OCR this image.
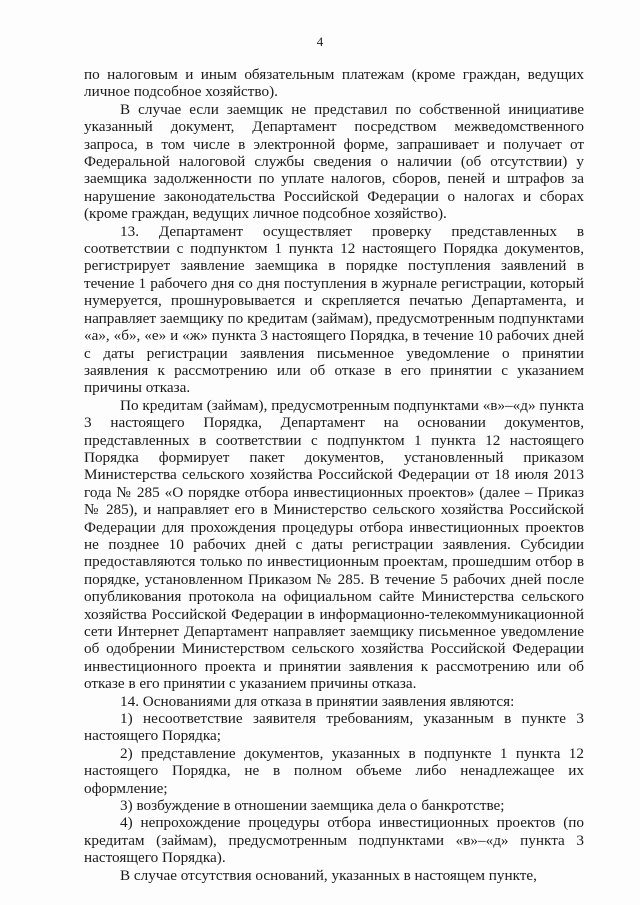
4

по налоговым и иным обязательным платежам (кроме граждан, ведущих личное подсобное хозяйство).

В случае если заемщик не представил по собственной инициативе указанный документ, Департамент посредством межведомственного запроса, в том числе в электронной форме, запрашивает и получает от Федеральной налоговой службы сведения о наличии (об отсутствии) у заемщика задолженности по уплате налогов, сборов, пеней и штрафов за нарушение законодательства Российской Федерации о налогах и сборах (кроме граждан, ведущих личное подсобное хозяйство).

13. Департамент осуществляет проверку представленных в соответствии с подпунктом 1 пункта 12 настоящего Порядка документов, регистрирует заявление заемщика в порядке поступления заявлений в течение 1 рабочего дня со дня поступления в журнале регистрации, который нумеруется, прошнуровывается и скрепляется печатью Департамента, и направляет заемщику по кредитам (займам), предусмотренным подпунктами «а», «б», «е» и «ж» пункта 3 настоящего Порядка, в течение 10 рабочих дней с даты регистрации заявления письменное уведомление о принятии заявления к рассмотрению или об отказе в его принятии с указанием причины отказа.

По кредитам (займам), предусмотренным подпунктами «в»–«д» пункта 3 настоящего Порядка, Департамент на основании документов, представленных в соответствии с подпунктом 1 пункта 12 настоящего Порядка формирует пакет документов, установленный приказом Министерства сельского хозяйства Российской Федерации от 18 июля 2013 года № 285 «О порядке отбора инвестиционных проектов» (далее – Приказ № 285), и направляет его в Министерство сельского хозяйства Российской Федерации для прохождения процедуры отбора инвестиционных проектов не позднее 10 рабочих дней с даты регистрации заявления. Субсидии предоставляются только по инвестиционным проектам, прошедшим отбор в порядке, установленном Приказом № 285. В течение 5 рабочих дней после опубликования протокола на официальном сайте Министерства сельского хозяйства Российской Федерации в информационно-телекоммуникационной сети Интернет Департамент направляет заемщику письменное уведомление об одобрении Министерством сельского хозяйства Российской Федерации инвестиционного проекта и принятии заявления к рассмотрению или об отказе в его принятии с указанием причины отказа.

14. Основаниями для отказа в принятии заявления являются:

1) несоответствие заявителя требованиям, указанным в пункте 3 настоящего Порядка;

2) представление документов, указанных в подпункте 1 пункта 12 настоящего Порядка, не в полном объеме либо ненадлежащее их оформление;

3) возбуждение в отношении заемщика дела о банкротстве;

4) непрохождение процедуры отбора инвестиционных проектов (по кредитам (займам), предусмотренным подпунктами «в»–«д» пункта 3 настоящего Порядка).

В случае отсутствия оснований, указанных в настоящем пункте,
